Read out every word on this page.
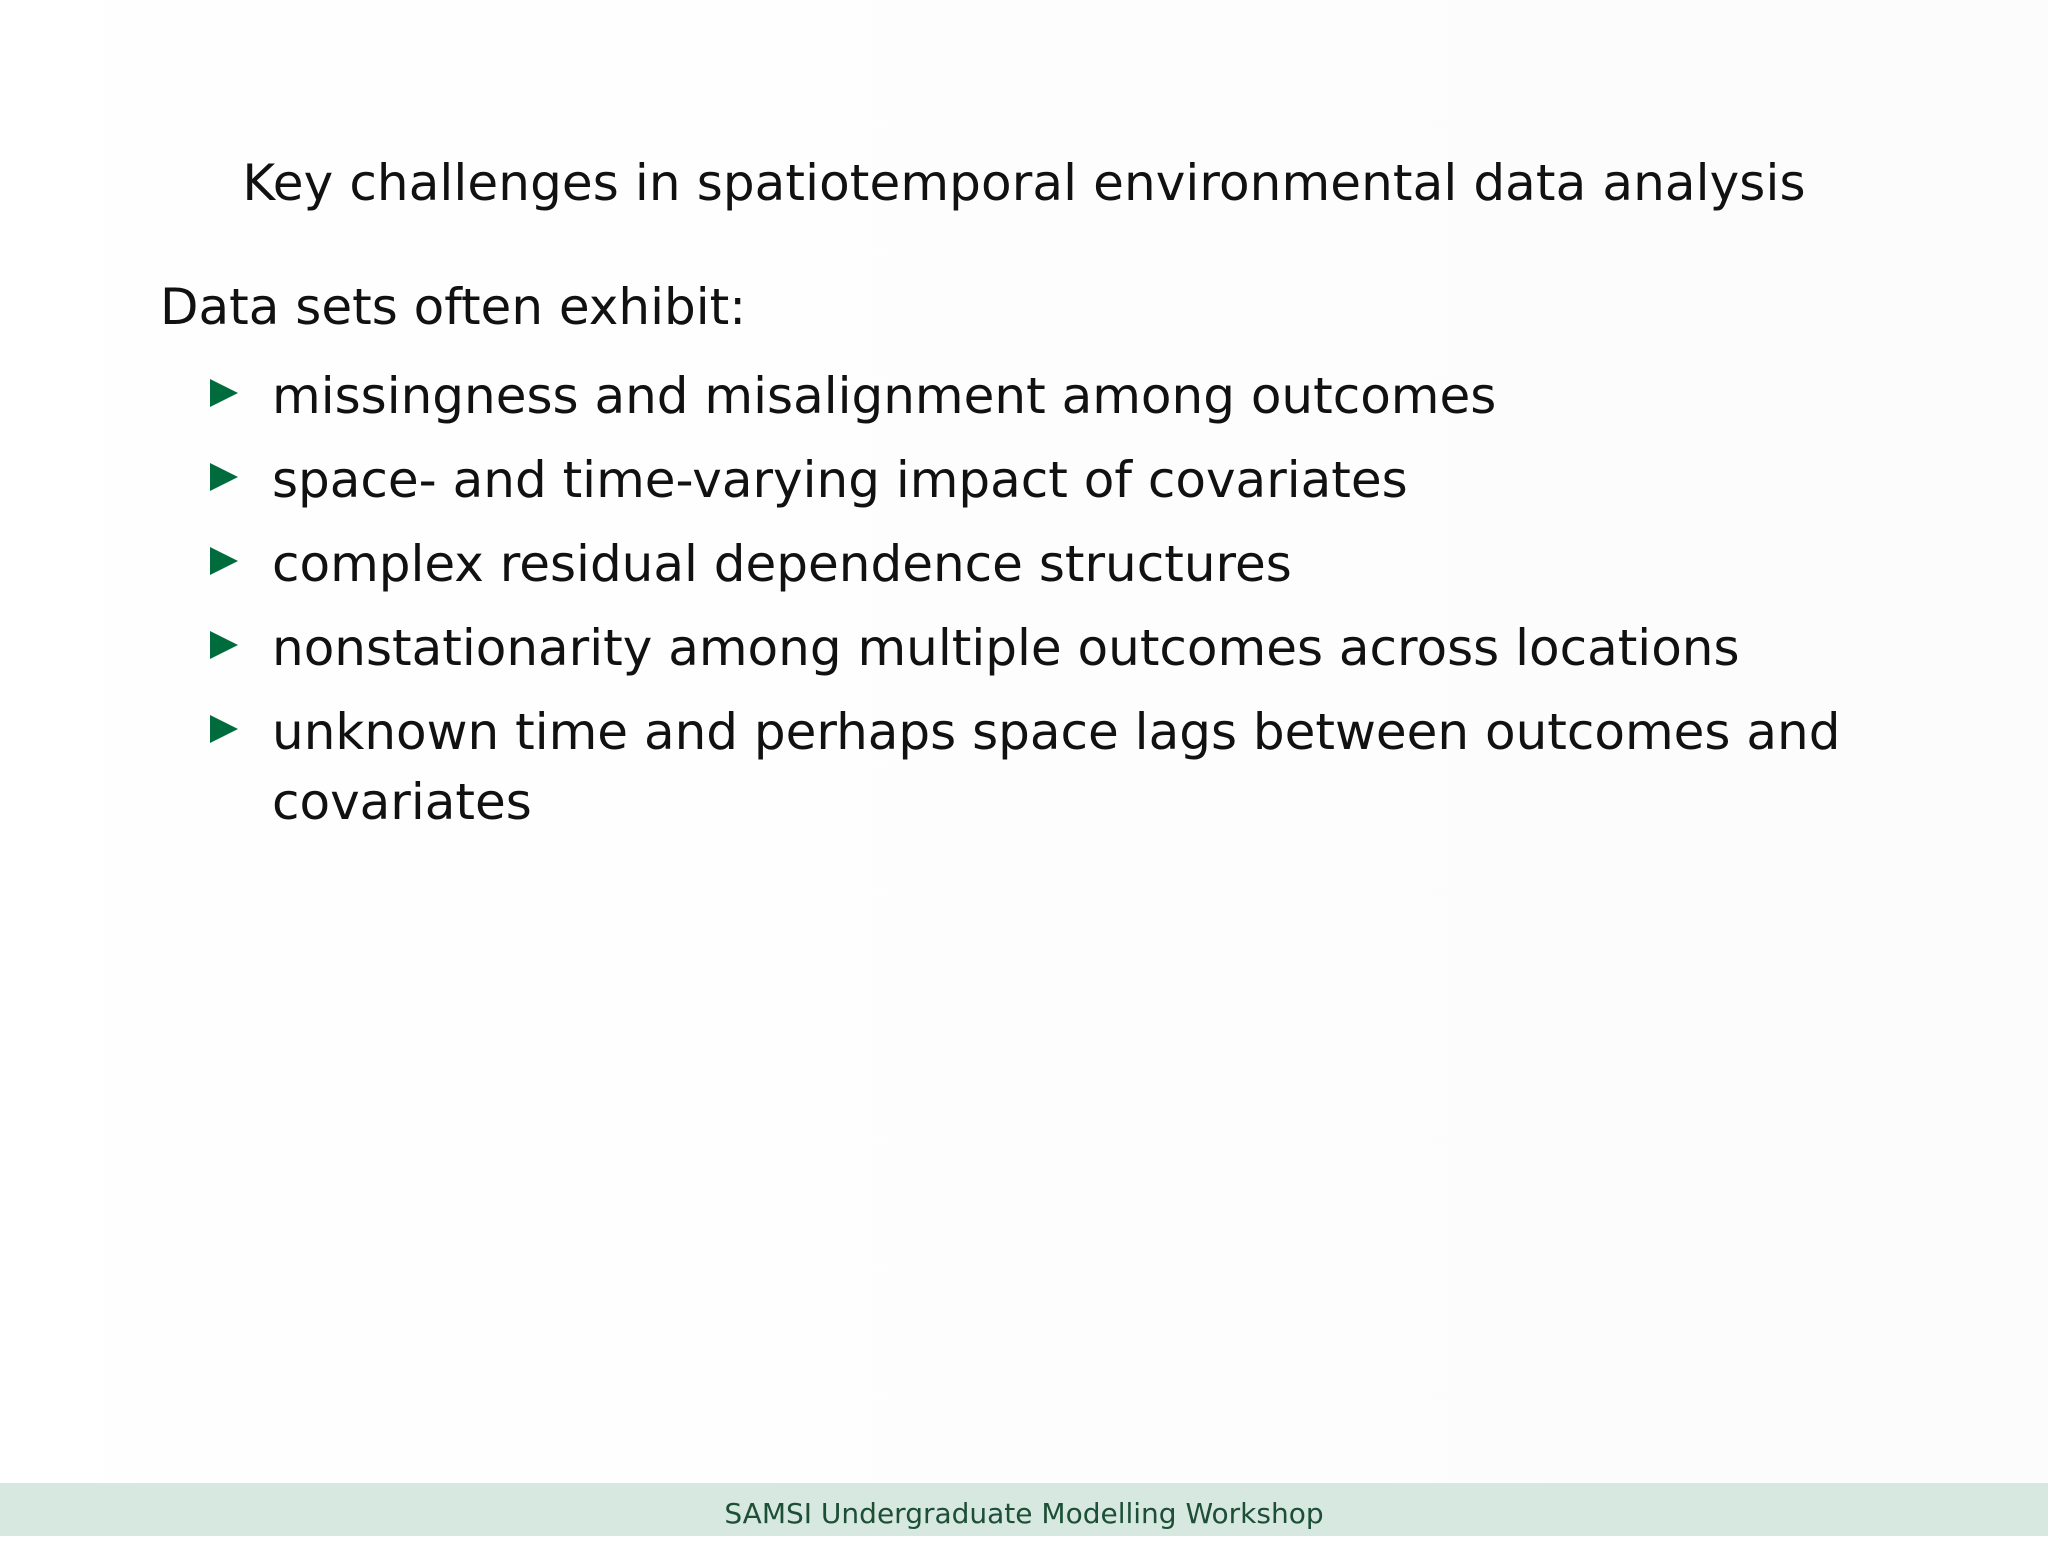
Key challenges in spatiotemporal environmental data analysis
Data sets often exhibit:
missingness and misalignment among outcomes
space- and time-varying impact of covariates
complex residual dependence structures
nonstationarity among multiple outcomes across locations
unknown time and perhaps space lags between outcomes and covariates
SAMSI Undergraduate Modelling Workshop
